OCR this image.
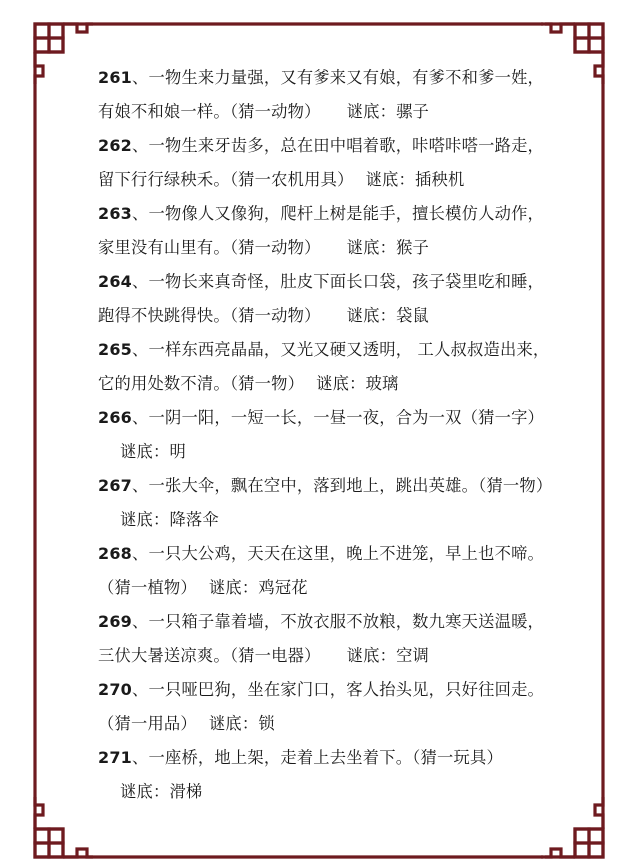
261、一物生来力量强，又有爹来又有娘，有爹不和爹一姓，
有娘不和娘一样。（猜一动物） 谜底：骡子
262、一物生来牙齿多，总在田中唱着歌，咔嗒咔嗒一路走，
留下行行绿秧禾。（猜一农机用具） 谜底：插秧机
263、一物像人又像狗，爬杆上树是能手，擅长模仿人动作，
家里没有山里有。（猜一动物） 谜底：猴子
264、一物长来真奇怪，肚皮下面长口袋，孩子袋里吃和睡，
跑得不快跳得快。（猜一动物） 谜底：袋鼠
265、一样东西亮晶晶，又光又硬又透明， 工人叔叔造出来，
它的用处数不清。（猜一物） 谜底：玻璃
266、一阴一阳，一短一长，一昼一夜，合为一双（猜一字）
谜底：明
267、一张大伞，飘在空中，落到地上，跳出英雄。（猜一物）
谜底：降落伞
268、一只大公鸡，天天在这里，晚上不进笼，早上也不啼。
（猜一植物） 谜底：鸡冠花
269、一只箱子靠着墙，不放衣服不放粮，数九寒天送温暖，
三伏大暑送凉爽。（猜一电器） 谜底：空调
270、一只哑巴狗，坐在家门口，客人抬头见，只好往回走。
（猜一用品） 谜底：锁
271、一座桥，地上架，走着上去坐着下。（猜一玩具）
谜底：滑梯
